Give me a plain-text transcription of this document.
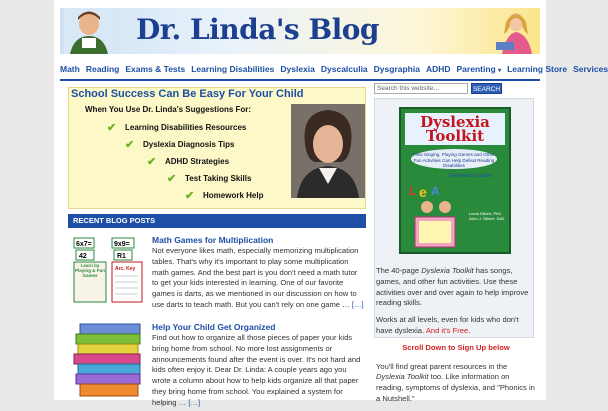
Dr. Linda's Blog
Math Reading Exams & Tests Learning Disabilities Dyslexia Dyscalculia Dysgraphia ADHD Parenting ▾ Learning Store Services
School Success Can Be Easy For Your Child
When You Use Dr. Linda's Suggestions For:
✔ Learning Disabilities Resources
✔ Dyslexia Diagnosis Tips
✔ ADHD Strategies
✔ Test Taking Skills
✔ Homework Help
RECENT BLOG POSTS
6x7=	9x9=
42	R1
Learn by Playing & Fun Games
Arc. Key
Math Games for Multiplication
Not everyone likes math, especially memorizing multiplication tables. That's why it's important to play some multiplication math games. And the best part is you don't need a math tutor to get your kids interested in learning. One of our favorite games is darts, as we mentioned in our discussion on how to use darts to teach math. But you can't rely on one game … […]
Help Your Child Get Organized
Find out how to organize all those pieces of paper your kids bring home from school. No more lost assignments or announcements found after the event is over. It's not hard and kids often enjoy it. Dear Dr. Linda: A couple years ago you wrote a column about how to help kids organize all that paper they bring home from school. You explained a system for helping … […]
Search this website…	SEARCH
Dyslexia Toolkit
How Singing, Playing Games and Other Fun Activities Can Help Defeat Reading Disabilities
Elementary Grades
L e A
Linda Silbert, PhD Alvin J. Silbert, EdD

The 40-page Dyslexia Toolkit has songs, games, and other fun activities. Use these activities over and over again to help improve reading skills.

Works at all levels, even for kids who don't have dyslexia. And it's Free.

Scroll Down to Sign Up below

You'll find great parent resources in the Dyslexia Toolkit too. Like information on reading, symptoms of dyslexia, and "Phonics in a Nutshell."
